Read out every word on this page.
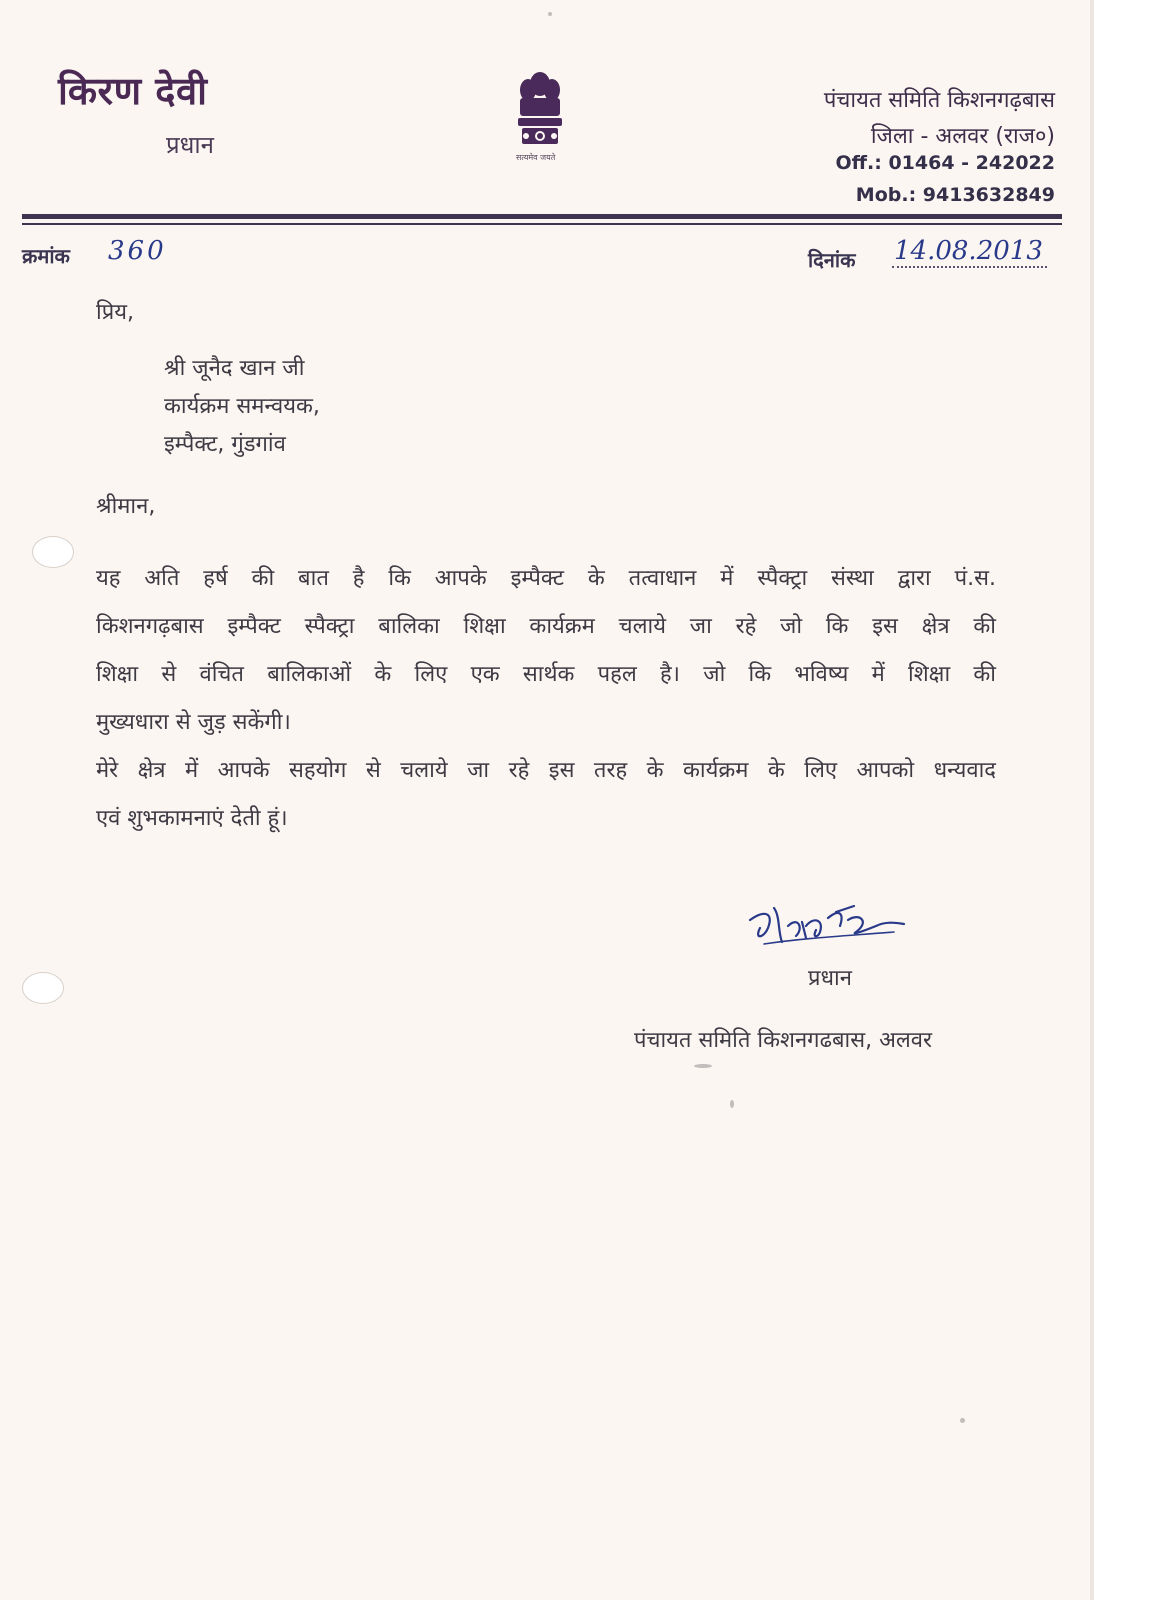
किरण देवी
प्रधान	सत्यमेव जयते
पंचायत समिति किशनगढ़बास
जिला - अलवर (राज०)
Off.: 01464 - 242022
Mob.: 9413632849
क्रमांक 360	दिनांक 14.08.2013
प्रिय,
श्री जूनैद खान जी
कार्यक्रम समन्वयक,
इम्पैक्ट, गुंडगांव
श्रीमान,
यह अति हर्ष की बात है कि आपके इम्पैक्ट के तत्वाधान में स्पैक्ट्रा संस्था द्वारा पं.स.
किशनगढ़बास इम्पैक्ट स्पैक्ट्रा बालिका शिक्षा कार्यक्रम चलाये जा रहे जो कि इस क्षेत्र की
शिक्षा से वंचित बालिकाओं के लिए एक सार्थक पहल है। जो कि भविष्य में शिक्षा की
मुख्यधारा से जुड़ सकेंगी।
मेरे क्षेत्र में आपके सहयोग से चलाये जा रहे इस तरह के कार्यक्रम के लिए आपको धन्यवाद
एवं शुभकामनाएं देती हूं।
प्रधान
पंचायत समिति किशनगढबास, अलवर
